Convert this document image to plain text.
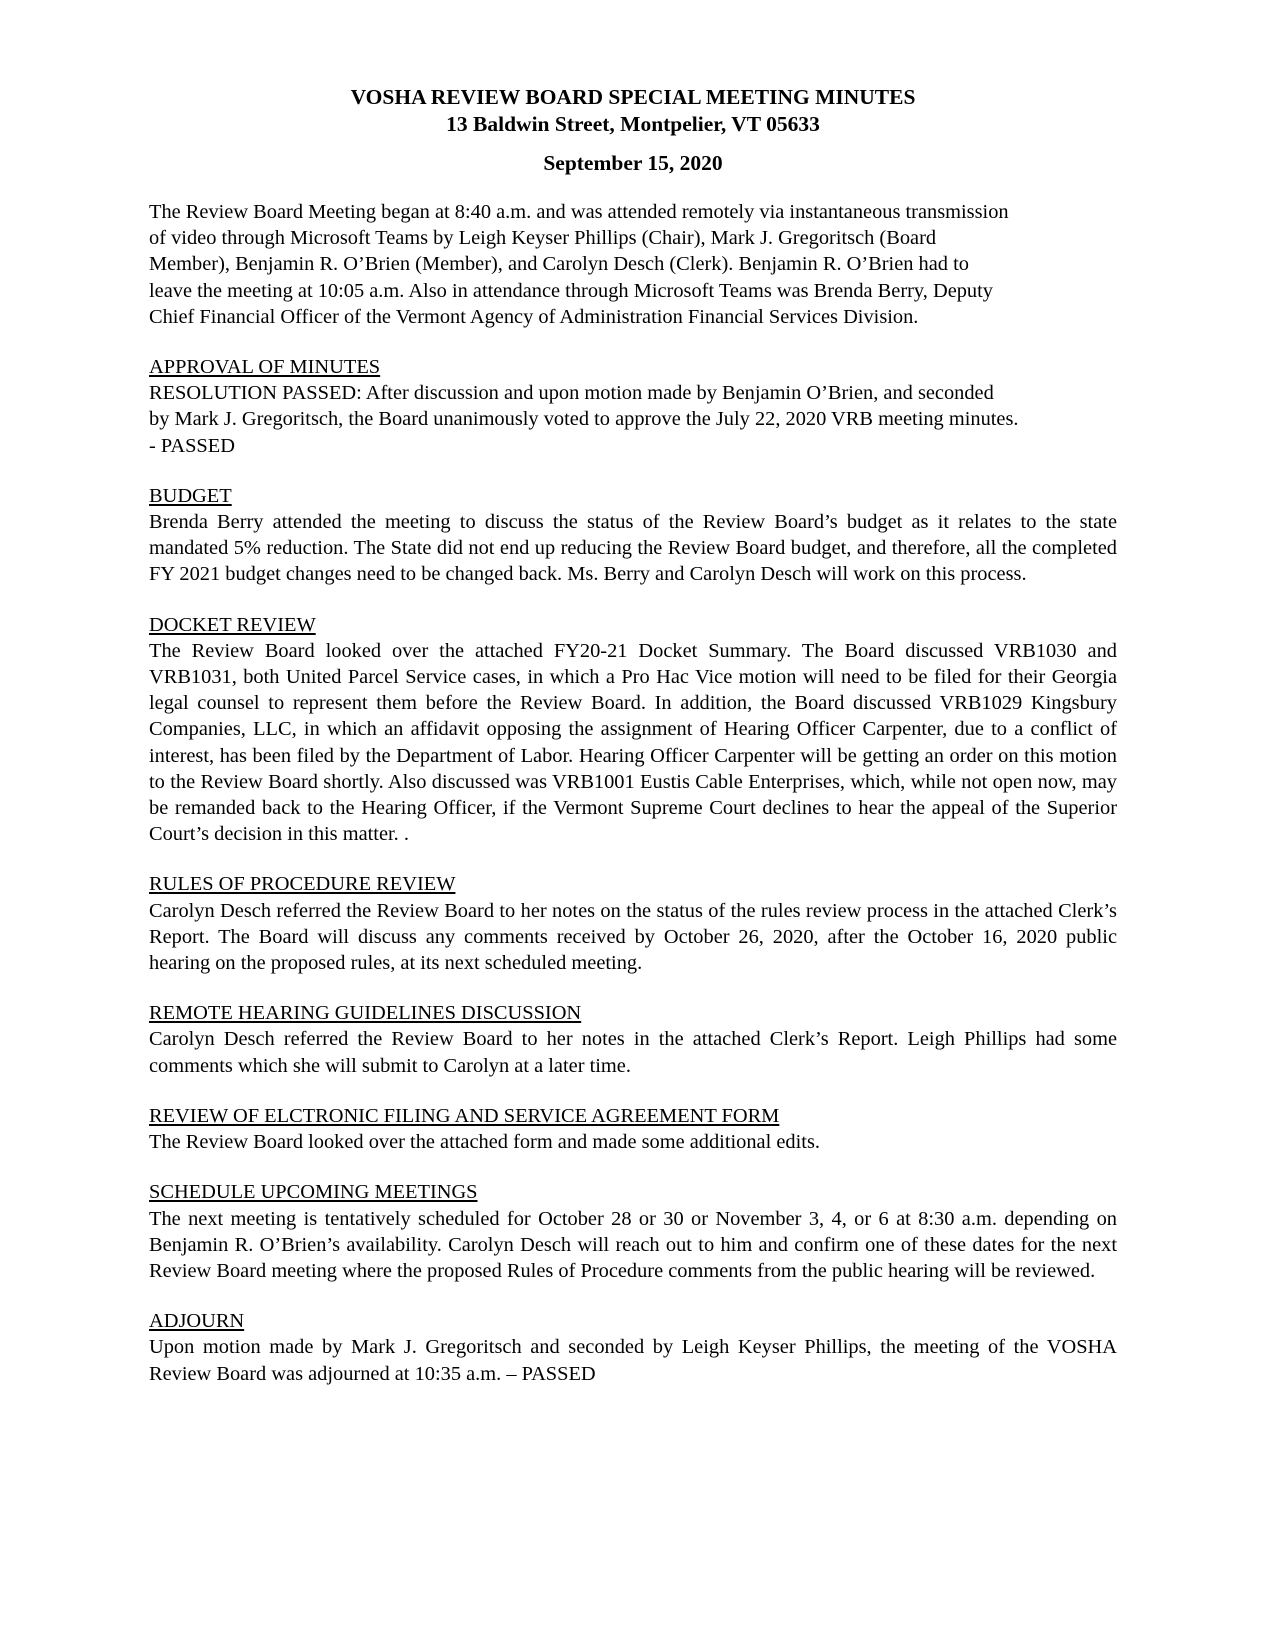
VOSHA REVIEW BOARD SPECIAL MEETING MINUTES

13 Baldwin Street, Montpelier, VT 05633

September 15, 2020

The Review Board Meeting began at 8:40 a.m. and was attended remotely via instantaneous transmission

of video through Microsoft Teams by Leigh Keyser Phillips (Chair), Mark J. Gregoritsch (Board

Member), Benjamin R. O’Brien (Member), and Carolyn Desch (Clerk). Benjamin R. O’Brien had to

leave the meeting at 10:05 a.m. Also in attendance through Microsoft Teams was Brenda Berry, Deputy

Chief Financial Officer of the Vermont Agency of Administration Financial Services Division.

APPROVAL OF MINUTES

RESOLUTION PASSED: After discussion and upon motion made by Benjamin O’Brien, and seconded

by Mark J. Gregoritsch, the Board unanimously voted to approve the July 22, 2020 VRB meeting minutes.

- PASSED

BUDGET

Brenda Berry attended the meeting to discuss the status of the Review Board’s budget as it relates to the state mandated 5% reduction. The State did not end up reducing the Review Board budget, and therefore, all the completed FY 2021 budget changes need to be changed back. Ms. Berry and Carolyn Desch will work on this process.

DOCKET REVIEW

The Review Board looked over the attached FY20-21 Docket Summary. The Board discussed VRB1030 and VRB1031, both United Parcel Service cases, in which a Pro Hac Vice motion will need to be filed for their Georgia legal counsel to represent them before the Review Board. In addition, the Board discussed VRB1029 Kingsbury Companies, LLC, in which an affidavit opposing the assignment of Hearing Officer Carpenter, due to a conflict of interest, has been filed by the Department of Labor. Hearing Officer Carpenter will be getting an order on this motion to the Review Board shortly. Also discussed was VRB1001 Eustis Cable Enterprises, which, while not open now, may be remanded back to the Hearing Officer, if the Vermont Supreme Court declines to hear the appeal of the Superior Court’s decision in this matter. .

RULES OF PROCEDURE REVIEW

Carolyn Desch referred the Review Board to her notes on the status of the rules review process in the attached Clerk’s Report. The Board will discuss any comments received by October 26, 2020, after the October 16, 2020 public hearing on the proposed rules, at its next scheduled meeting.

REMOTE HEARING GUIDELINES DISCUSSION

Carolyn Desch referred the Review Board to her notes in the attached Clerk’s Report. Leigh Phillips had some comments which she will submit to Carolyn at a later time.

REVIEW OF ELCTRONIC FILING AND SERVICE AGREEMENT FORM

The Review Board looked over the attached form and made some additional edits.

SCHEDULE UPCOMING MEETINGS

The next meeting is tentatively scheduled for October 28 or 30 or November 3, 4, or 6 at 8:30 a.m. depending on Benjamin R. O’Brien’s availability. Carolyn Desch will reach out to him and confirm one of these dates for the next Review Board meeting where the proposed Rules of Procedure comments from the public hearing will be reviewed.

ADJOURN

Upon motion made by Mark J. Gregoritsch and seconded by Leigh Keyser Phillips, the meeting of the VOSHA Review Board was adjourned at 10:35 a.m. – PASSED
